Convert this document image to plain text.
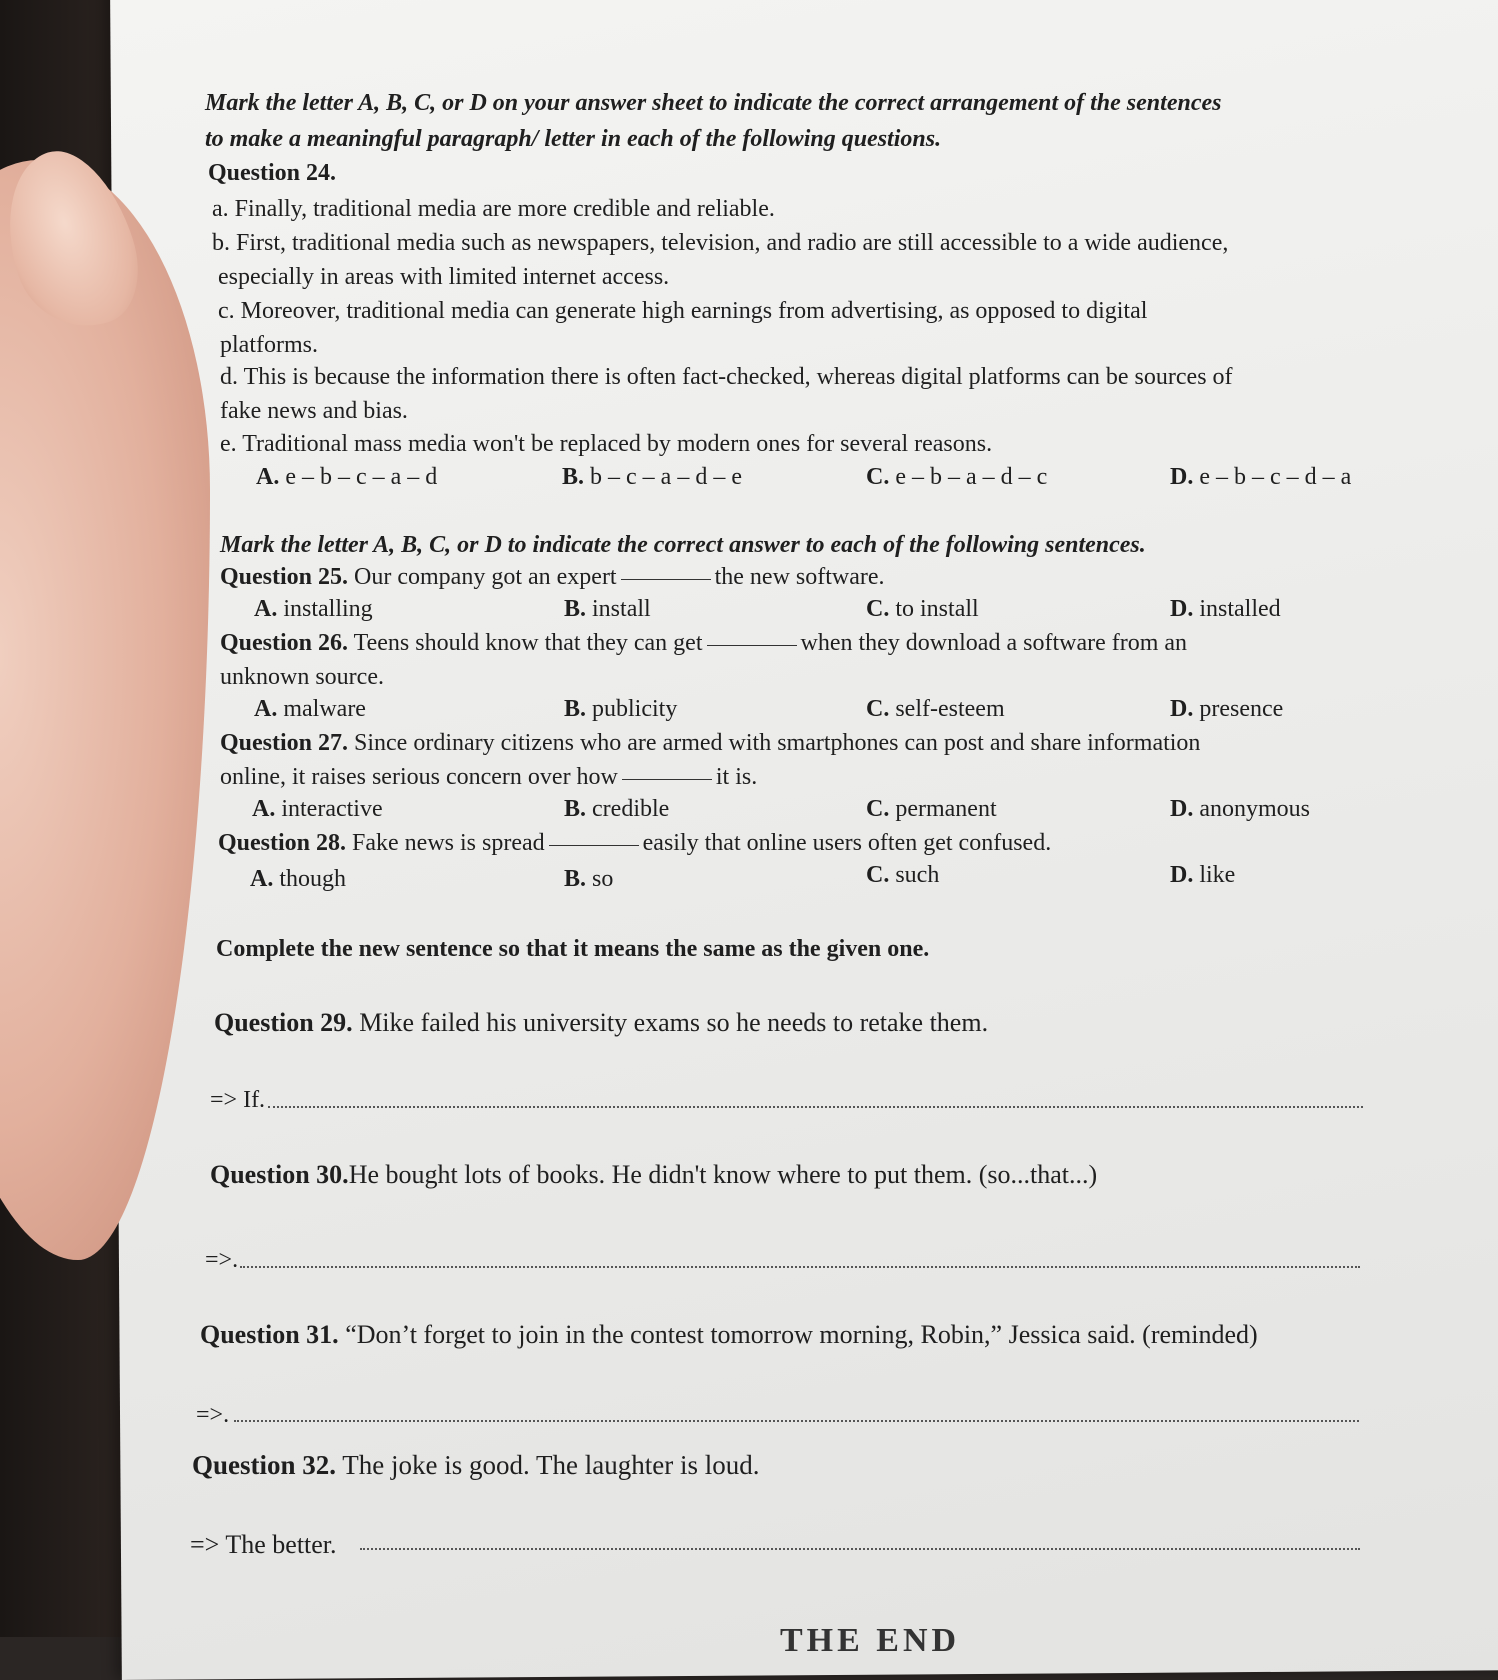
Mark the letter A, B, C, or D on your answer sheet to indicate the correct arrangement of the sentences
to make a meaningful paragraph/ letter in each of the following questions.
Question 24.
a. Finally, traditional media are more credible and reliable.
b. First, traditional media such as newspapers, television, and radio are still accessible to a wide audience,
especially in areas with limited internet access.
c. Moreover, traditional media can generate high earnings from advertising, as opposed to digital
platforms.
d. This is because the information there is often fact-checked, whereas digital platforms can be sources of
fake news and bias.
e. Traditional mass media won't be replaced by modern ones for several reasons.
A. e – b – c – a – d	B. b – c – a – d – e	C. e – b – a – d – c	D. e – b – c – d – a
Mark the letter A, B, C, or D to indicate the correct answer to each of the following sentences.
Question 25. Our company got an expert	the new software.
A. installing	B. install	C. to install	D. installed
Question 26. Teens should know that they can get	when they download a software from an
unknown source.
A. malware	B. publicity	C. self-esteem	D. presence
Question 27. Since ordinary citizens who are armed with smartphones can post and share information
online, it raises serious concern over how	it is.
A. interactive	B. credible	C. permanent	D. anonymous
Question 28. Fake news is spread	easily that online users often get confused.
A. though	B. so	C. such	D. like
Complete the new sentence so that it means the same as the given one.
Question 29. Mike failed his university exams so he needs to retake them.
=> If.
Question 30.He bought lots of books. He didn't know where to put them. (so...that...)
=>.
Question 31. “Don’t forget to join in the contest tomorrow morning, Robin,” Jessica said. (reminded)
=>.
Question 32. The joke is good. The laughter is loud.
=> The better.
THE END
